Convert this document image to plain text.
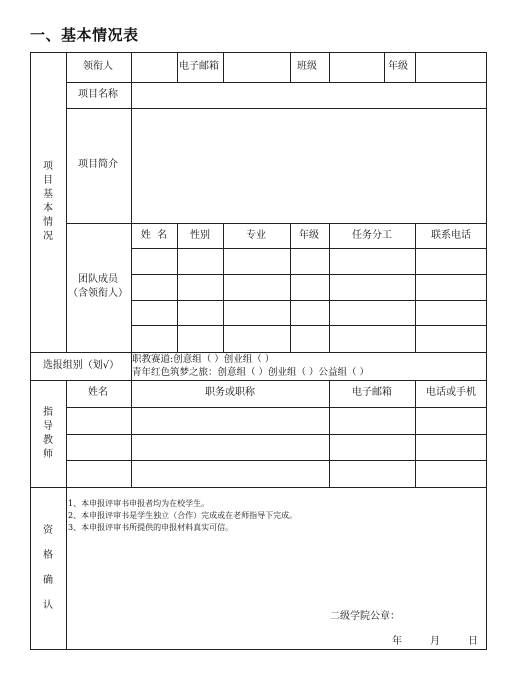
一、基本情况表
项目基本情况
指导教师
资格确认
领衔人	电子邮箱	班级	年级
项目名称
项目简介
团队成员
（含领衔人）
姓  名 性别	专业	年级	任务分工	联系电话
选报组别（划√）
职教赛道:创意组（ ）创业组（ ）
青年红色筑梦之旅：创意组（ ）创业组（ ）公益组（ ）
姓名	职务或职称	电子邮箱	电话或手机
1、本申报评审书申报者均为在校学生。
2、本申报评审书是学生独立（合作）完成或在老师指导下完成。
3、本申报评审书所提供的申报材料真实可信。
二级学院公章：
年	月	日
